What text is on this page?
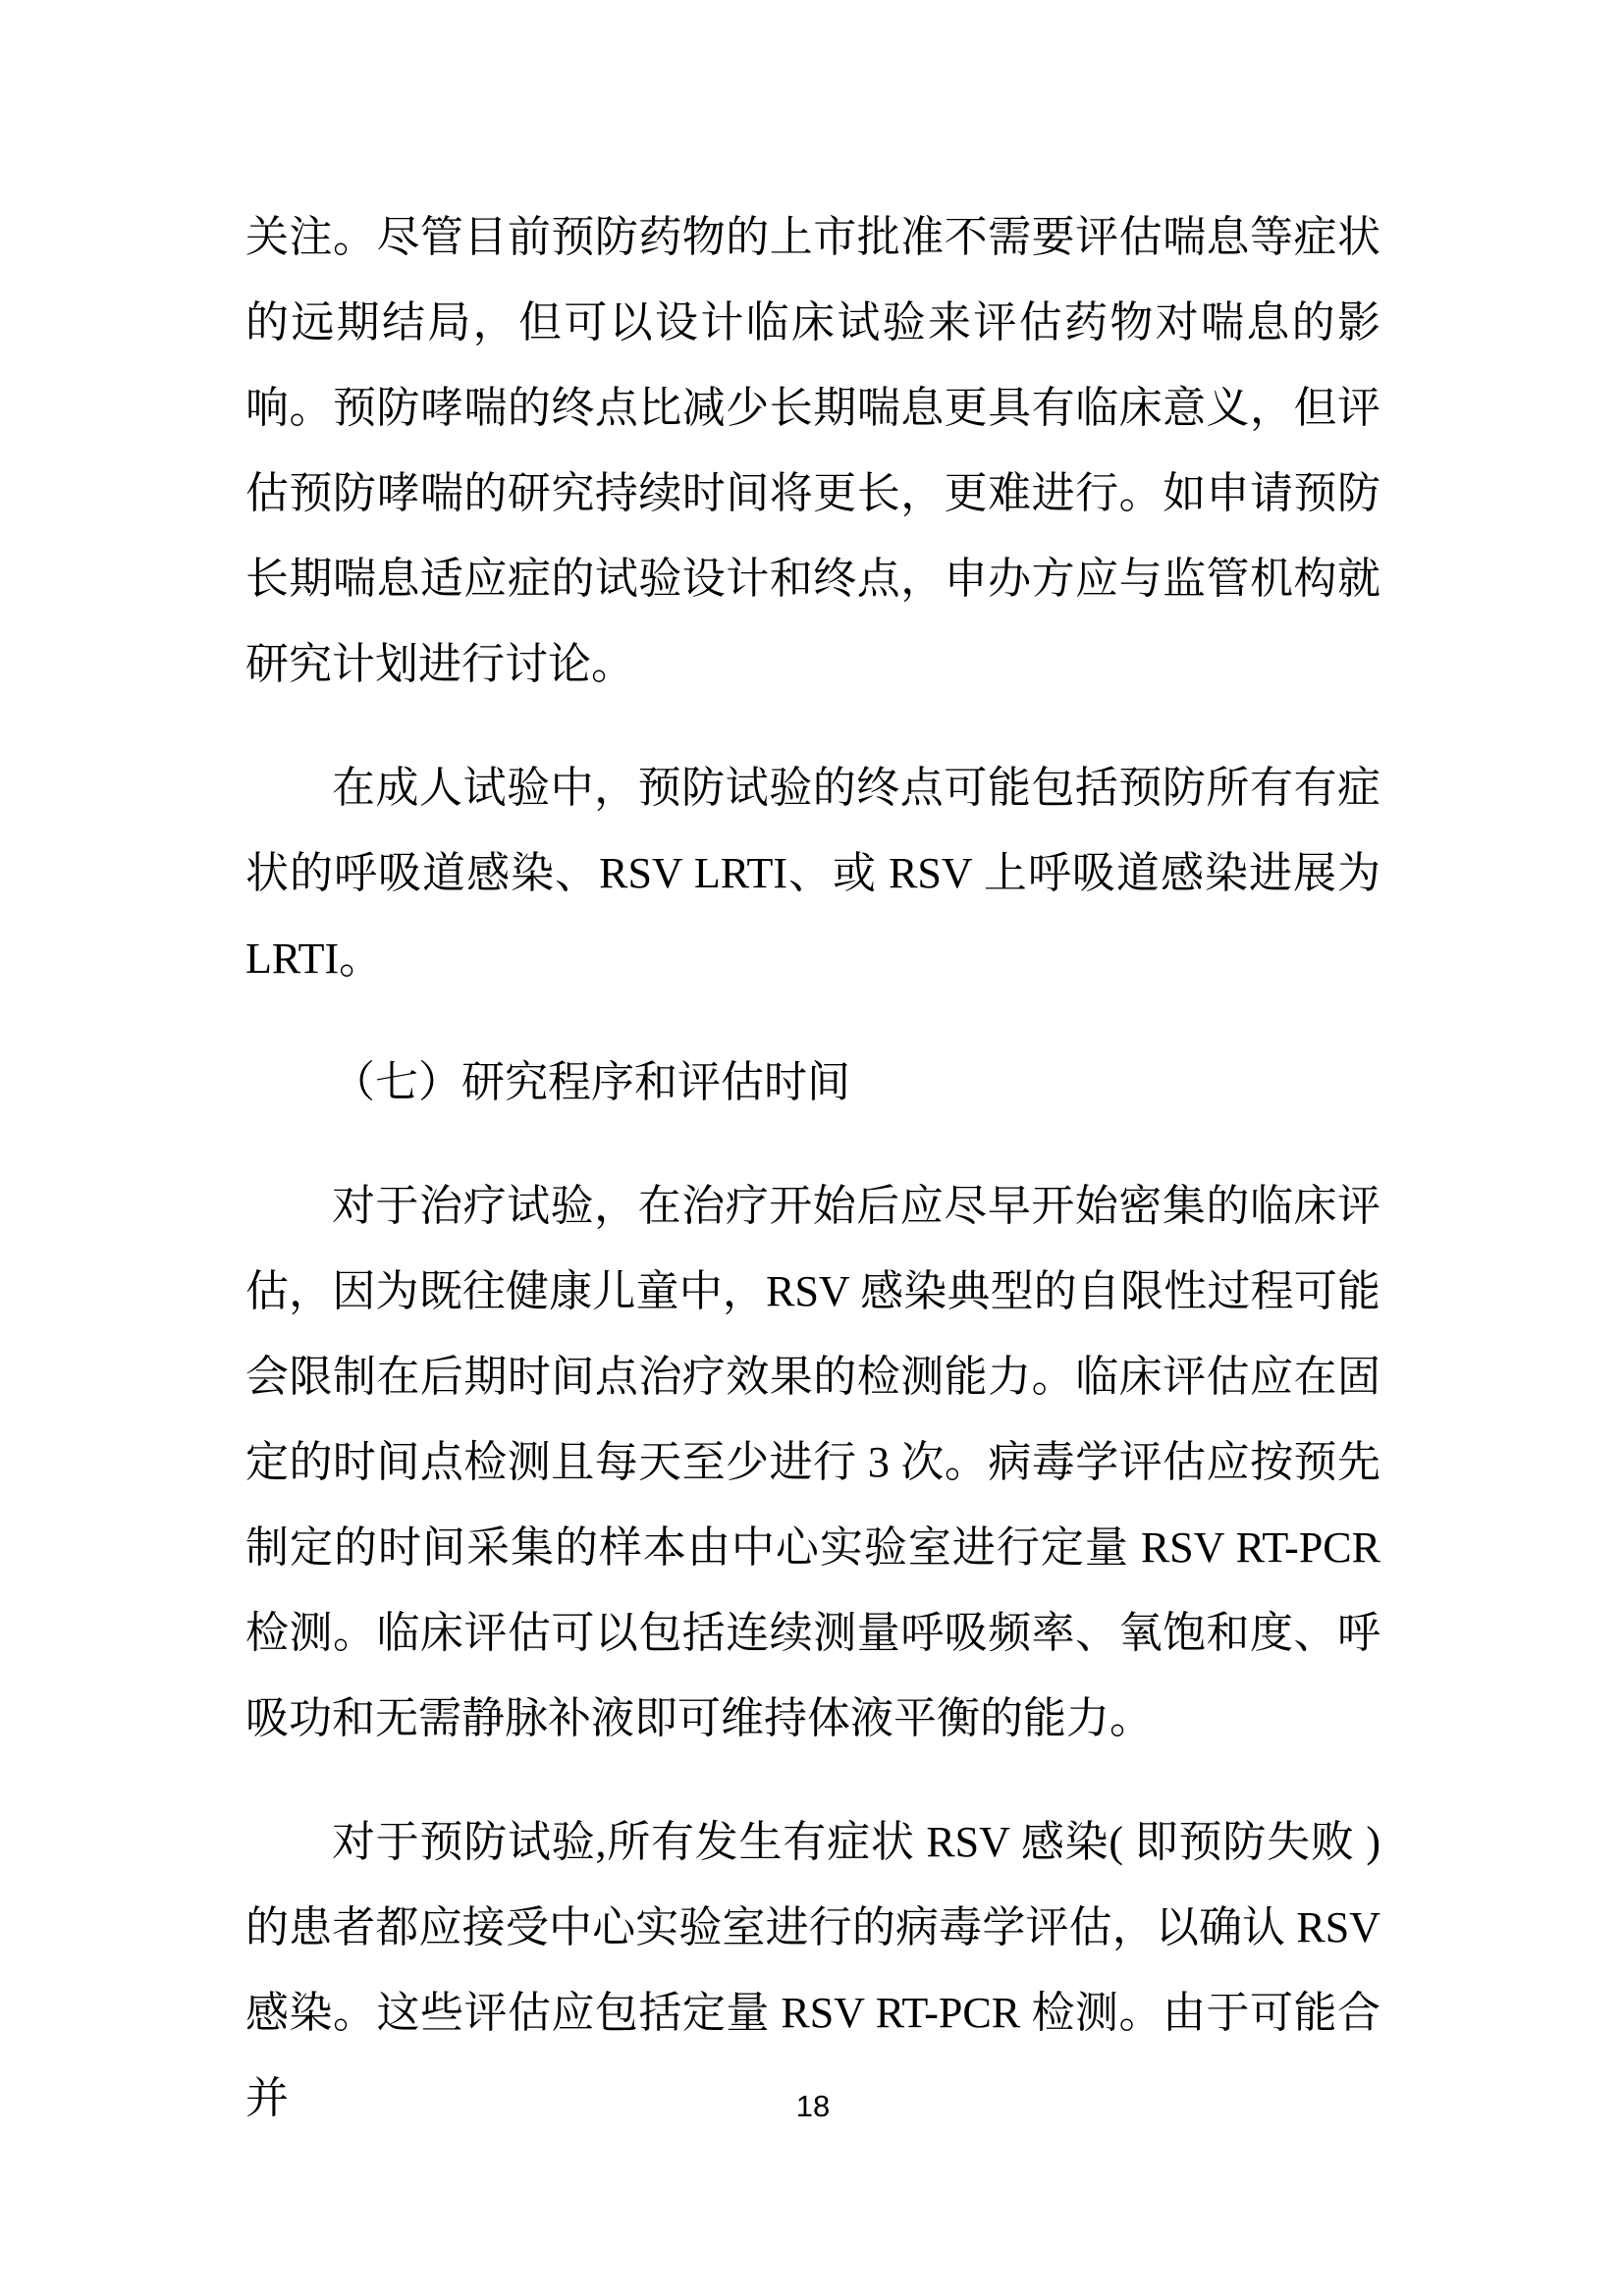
关注。尽管目前预防药物的上市批准不需要评估喘息等症状的远期结局，但可以设计临床试验来评估药物对喘息的影响。预防哮喘的终点比减少长期喘息更具有临床意义，但评估预防哮喘的研究持续时间将更长，更难进行。如申请预防长期喘息适应症的试验设计和终点，申办方应与监管机构就研究计划进行讨论。

在成人试验中，预防试验的终点可能包括预防所有有症状的呼吸道感染、RSV LRTI、或 RSV 上呼吸道感染进展为 LRTI。

（七）研究程序和评估时间

对于治疗试验，在治疗开始后应尽早开始密集的临床评估，因为既往健康儿童中，RSV 感染典型的自限性过程可能会限制在后期时间点治疗效果的检测能力。临床评估应在固定的时间点检测且每天至少进行 3 次。病毒学评估应按预先制定的时间采集的样本由中心实验室进行定量 RSV RT-PCR 检测。临床评估可以包括连续测量呼吸频率、氧饱和度、呼吸功和无需静脉补液即可维持体液平衡的能力。

对于预防试验,所有发生有症状 RSV 感染( 即预防失败 )的患者都应接受中心实验室进行的病毒学评估，以确认 RSV 感染。这些评估应包括定量 RSV RT-PCR 检测。由于可能合并	18
